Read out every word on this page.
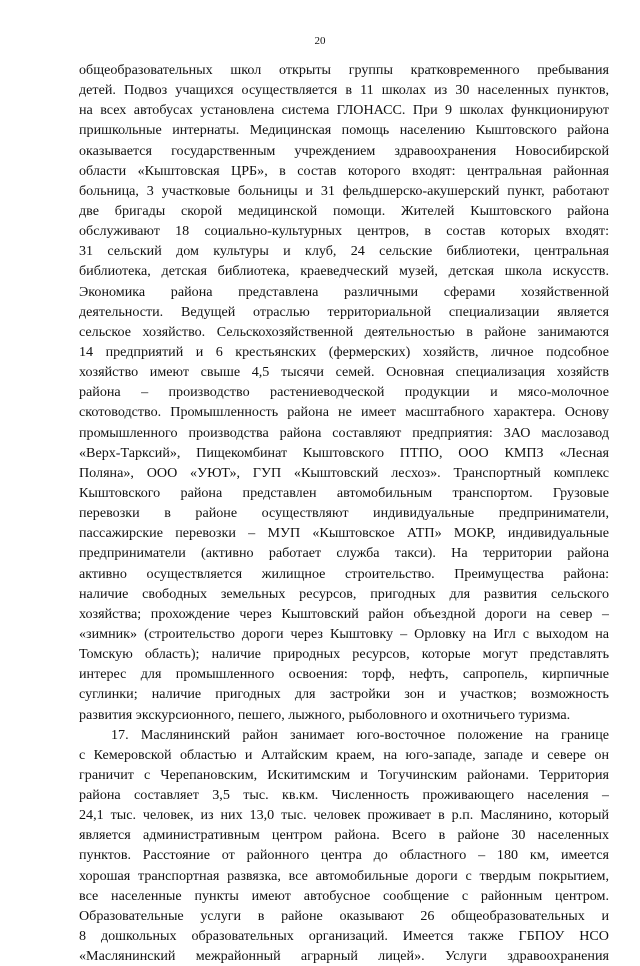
20
общеобразовательных школ открыты группы кратковременного пребывания
детей. Подвоз учащихся осуществляется в 11 школах из 30 населенных пунктов,
на всех автобусах установлена система ГЛОНАСС. При 9 школах функционируют
пришкольные интернаты. Медицинская помощь населению Кыштовского района
оказывается государственным учреждением здравоохранения Новосибирской
области «Кыштовская ЦРБ», в состав которого входят: центральная районная
больница, 3 участковые больницы и 31 фельдшерско-акушерский пункт, работают
две бригады скорой медицинской помощи. Жителей Кыштовского района
обслуживают 18 социально-культурных центров, в состав которых входят:
31 сельский дом культуры и клуб, 24 сельские библиотеки, центральная
библиотека, детская библиотека, краеведческий музей, детская школа искусств.
Экономика района представлена различными сферами хозяйственной
деятельности. Ведущей отраслью территориальной специализации является
сельское хозяйство. Сельскохозяйственной деятельностью в районе занимаются
14 предприятий и 6 крестьянских (фермерских) хозяйств, личное подсобное
хозяйство имеют свыше 4,5 тысячи семей. Основная специализация хозяйств
района – производство растениеводческой продукции и мясо-молочное
скотоводство. Промышленность района не имеет масштабного характера. Основу
промышленного производства района составляют предприятия: ЗАО маслозавод
«Верх-Тарксий», Пищекомбинат Кыштовского ПТПО, ООО КМПЗ «Лесная
Поляна», ООО «УЮТ», ГУП «Кыштовский лесхоз». Транспортный комплекс
Кыштовского района представлен автомобильным транспортом. Грузовые
перевозки в районе осуществляют индивидуальные предприниматели,
пассажирские перевозки – МУП «Кыштовское АТП» МОКР, индивидуальные
предприниматели (активно работает служба такси). На территории района
активно осуществляется жилищное строительство. Преимущества района:
наличие свободных земельных ресурсов, пригодных для развития сельского
хозяйства; прохождение через Кыштовский район объездной дороги на север –
«зимник» (строительство дороги через Кыштовку – Орловку на Игл с выходом на
Томскую область); наличие природных ресурсов, которые могут представлять
интерес для промышленного освоения: торф, нефть, сапропель, кирпичные
суглинки; наличие пригодных для застройки зон и участков; возможность
развития экскурсионного, пешего, лыжного, рыболовного и охотничьего туризма.
17. Маслянинский район занимает юго-восточное положение на границе
с Кемеровской областью и Алтайским краем, на юго-западе, западе и севере он
граничит с Черепановским, Искитимским и Тогучинским районами. Территория
района составляет 3,5 тыс. кв.км. Численность проживающего населения –
24,1 тыс. человек, из них 13,0 тыс. человек проживает в р.п. Маслянино, который
является административным центром района. Всего в районе 30 населенных
пунктов. Расстояние от районного центра до областного – 180 км, имеется
хорошая транспортная развязка, все автомобильные дороги с твердым покрытием,
все населенные пункты имеют автобусное сообщение с районным центром.
Образовательные услуги в районе оказывают 26 общеобразовательных и
8 дошкольных образовательных организаций. Имеется также ГБПОУ НСО
«Маслянинский межрайонный аграрный лицей». Услуги здравоохранения
